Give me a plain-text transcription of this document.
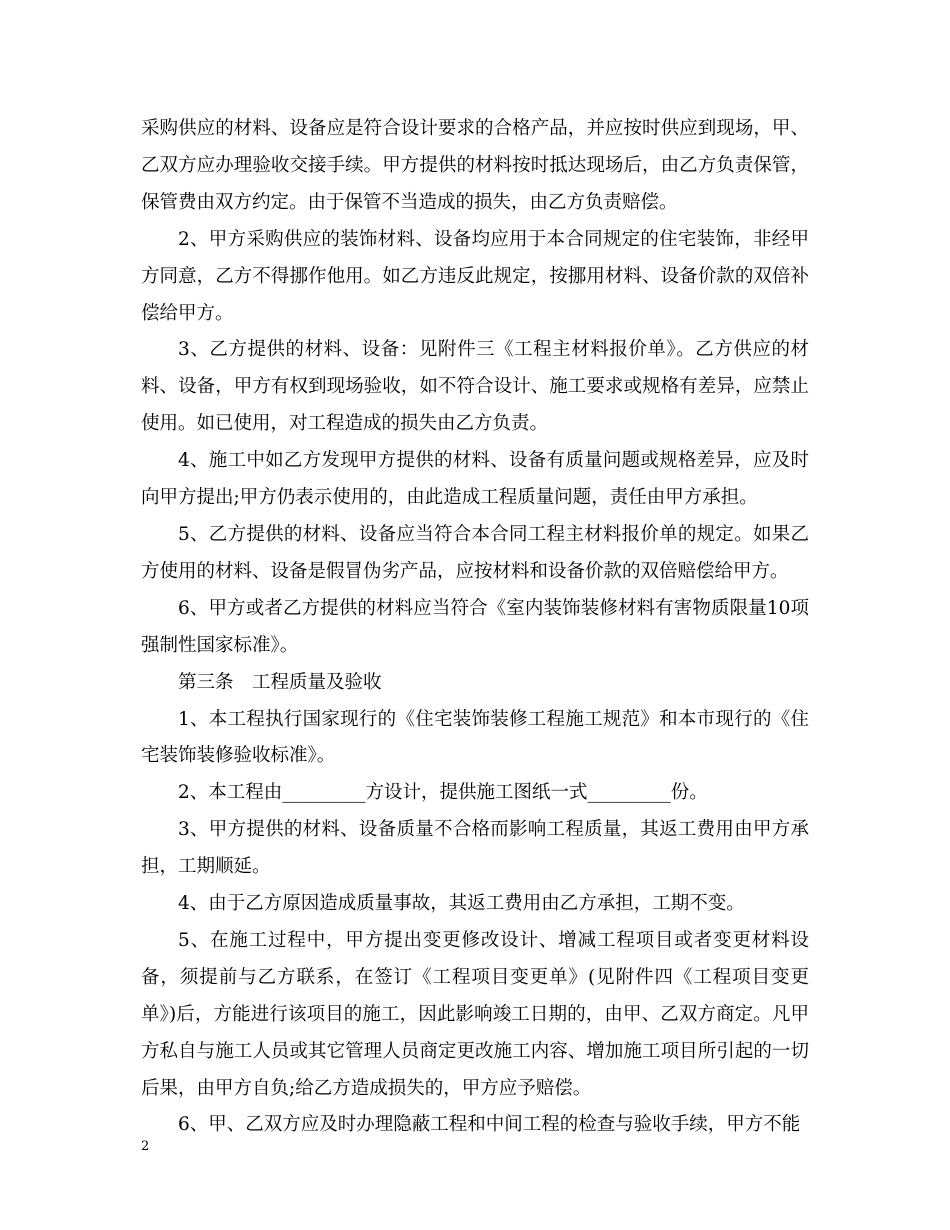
采购供应的材料、设备应是符合设计要求的合格产品，并应按时供应到现场，甲、乙双方应办理验收交接手续。甲方提供的材料按时抵达现场后，由乙方负责保管，保管费由双方约定。由于保管不当造成的损失，由乙方负责赔偿。

2、甲方采购供应的装饰材料、设备均应用于本合同规定的住宅装饰，非经甲方同意，乙方不得挪作他用。如乙方违反此规定，按挪用材料、设备价款的双倍补偿给甲方。

3、乙方提供的材料、设备：见附件三《工程主材料报价单》。乙方供应的材料、设备，甲方有权到现场验收，如不符合设计、施工要求或规格有差异，应禁止使用。如已使用，对工程造成的损失由乙方负责。

4、施工中如乙方发现甲方提供的材料、设备有质量问题或规格差异，应及时向甲方提出;甲方仍表示使用的，由此造成工程质量问题，责任由甲方承担。

5、乙方提供的材料、设备应当符合本合同工程主材料报价单的规定。如果乙方使用的材料、设备是假冒伪劣产品，应按材料和设备价款的双倍赔偿给甲方。

6、甲方或者乙方提供的材料应当符合《室内装饰装修材料有害物质限量10项强制性国家标准》。

第三条　工程质量及验收

1、本工程执行国家现行的《住宅装饰装修工程施工规范》和本市现行的《住宅装饰装修验收标准》。

2、本工程由_________方设计，提供施工图纸一式_________份。

3、甲方提供的材料、设备质量不合格而影响工程质量，其返工费用由甲方承担，工期顺延。

4、由于乙方原因造成质量事故，其返工费用由乙方承担，工期不变。

5、在施工过程中，甲方提出变更修改设计、增减工程项目或者变更材料设备，须提前与乙方联系，在签订《工程项目变更单》(见附件四《工程项目变更单》)后，方能进行该项目的施工，因此影响竣工日期的，由甲、乙双方商定。凡甲方私自与施工人员或其它管理人员商定更改施工内容、增加施工项目所引起的一切后果，由甲方自负;给乙方造成损失的，甲方应予赔偿。

6、甲、乙双方应及时办理隐蔽工程和中间工程的检查与验收手续，甲方不能

2
